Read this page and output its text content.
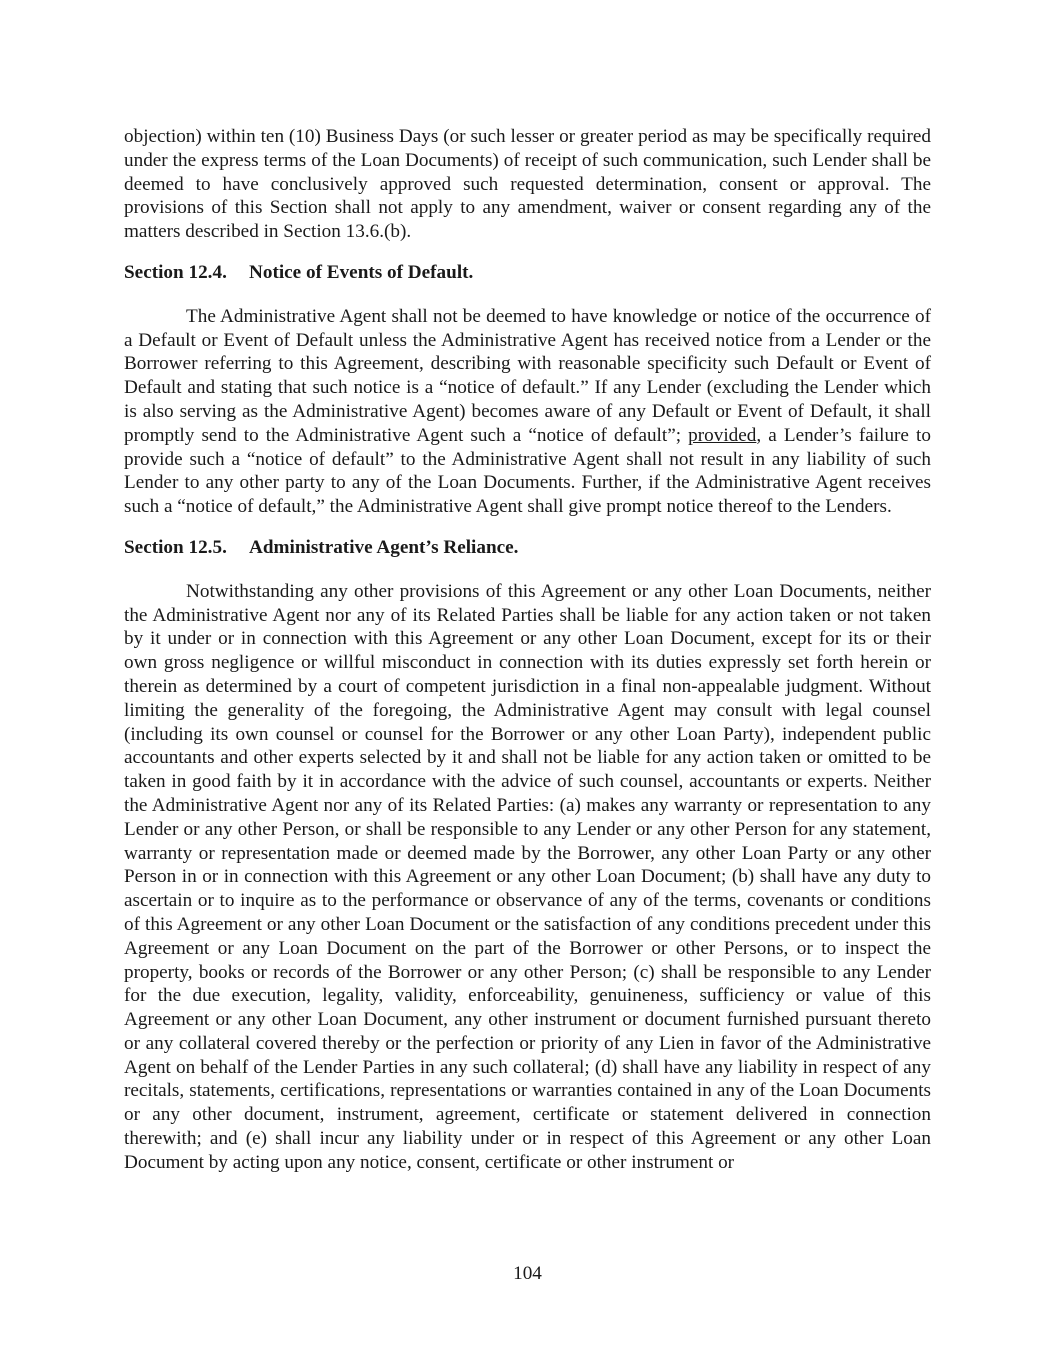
objection) within ten (10) Business Days (or such lesser or greater period as may be specifically required under the express terms of the Loan Documents) of receipt of such communication, such Lender shall be deemed to have conclusively approved such requested determination, consent or approval. The provisions of this Section shall not apply to any amendment, waiver or consent regarding any of the matters described in Section 13.6.(b).

Section 12.4. Notice of Events of Default.

The Administrative Agent shall not be deemed to have knowledge or notice of the occurrence of a Default or Event of Default unless the Administrative Agent has received notice from a Lender or the Borrower referring to this Agreement, describing with reasonable specificity such Default or Event of Default and stating that such notice is a “notice of default.” If any Lender (excluding the Lender which is also serving as the Administrative Agent) becomes aware of any Default or Event of Default, it shall promptly send to the Administrative Agent such a “notice of default”; provided, a Lender’s failure to provide such a “notice of default” to the Administrative Agent shall not result in any liability of such Lender to any other party to any of the Loan Documents. Further, if the Administrative Agent receives such a “notice of default,” the Administrative Agent shall give prompt notice thereof to the Lenders.

Section 12.5. Administrative Agent’s Reliance.

Notwithstanding any other provisions of this Agreement or any other Loan Documents, neither the Administrative Agent nor any of its Related Parties shall be liable for any action taken or not taken by it under or in connection with this Agreement or any other Loan Document, except for its or their own gross negligence or willful misconduct in connection with its duties expressly set forth herein or therein as determined by a court of competent jurisdiction in a final non-appealable judgment. Without limiting the generality of the foregoing, the Administrative Agent may consult with legal counsel (including its own counsel or counsel for the Borrower or any other Loan Party), independent public accountants and other experts selected by it and shall not be liable for any action taken or omitted to be taken in good faith by it in accordance with the advice of such counsel, accountants or experts. Neither the Administrative Agent nor any of its Related Parties: (a) makes any warranty or representation to any Lender or any other Person, or shall be responsible to any Lender or any other Person for any statement, warranty or representation made or deemed made by the Borrower, any other Loan Party or any other Person in or in connection with this Agreement or any other Loan Document; (b) shall have any duty to ascertain or to inquire as to the performance or observance of any of the terms, covenants or conditions of this Agreement or any other Loan Document or the satisfaction of any conditions precedent under this Agreement or any Loan Document on the part of the Borrower or other Persons, or to inspect the property, books or records of the Borrower or any other Person; (c) shall be responsible to any Lender for the due execution, legality, validity, enforceability, genuineness, sufficiency or value of this Agreement or any other Loan Document, any other instrument or document furnished pursuant thereto or any collateral covered thereby or the perfection or priority of any Lien in favor of the Administrative Agent on behalf of the Lender Parties in any such collateral; (d) shall have any liability in respect of any recitals, statements, certifications, representations or warranties contained in any of the Loan Documents or any other document, instrument, agreement, certificate or statement delivered in connection therewith; and (e) shall incur any liability under or in respect of this Agreement or any other Loan Document by acting upon any notice, consent, certificate or other instrument or

104
